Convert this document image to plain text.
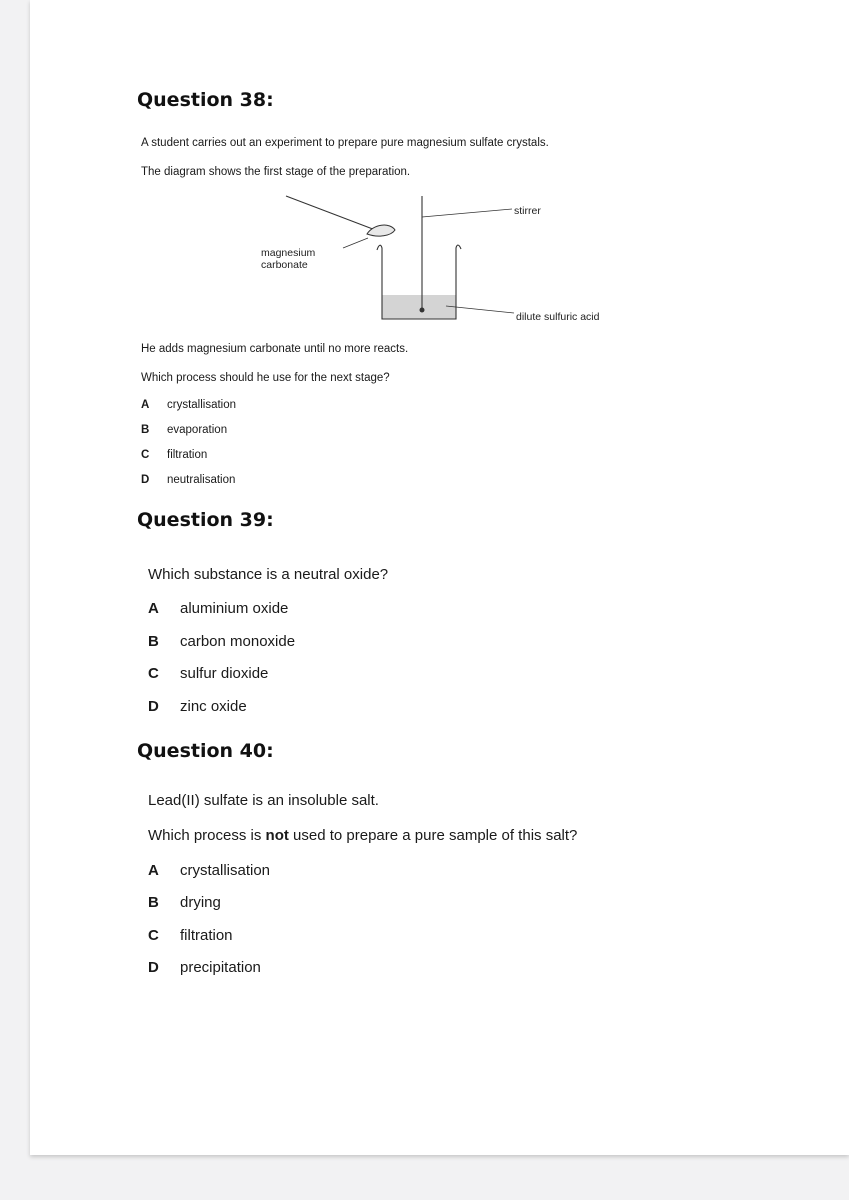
Question 38:

A student carries out an experiment to prepare pure magnesium sulfate crystals.

The diagram shows the first stage of the preparation.

magnesium
carbonate
stirrer
dilute sulfuric acid

He adds magnesium carbonate until no more reacts.

Which process should he use for the next stage?

A crystallisation
B evaporation
C filtration
D neutralisation
Question 39:

Which substance is a neutral oxide?

A aluminium oxide
B carbon monoxide
C sulfur dioxide
D zinc oxide
Question 40:

Lead(II) sulfate is an insoluble salt.

Which process is not used to prepare a pure sample of this salt?

A crystallisation
B drying
C filtration
D precipitation
